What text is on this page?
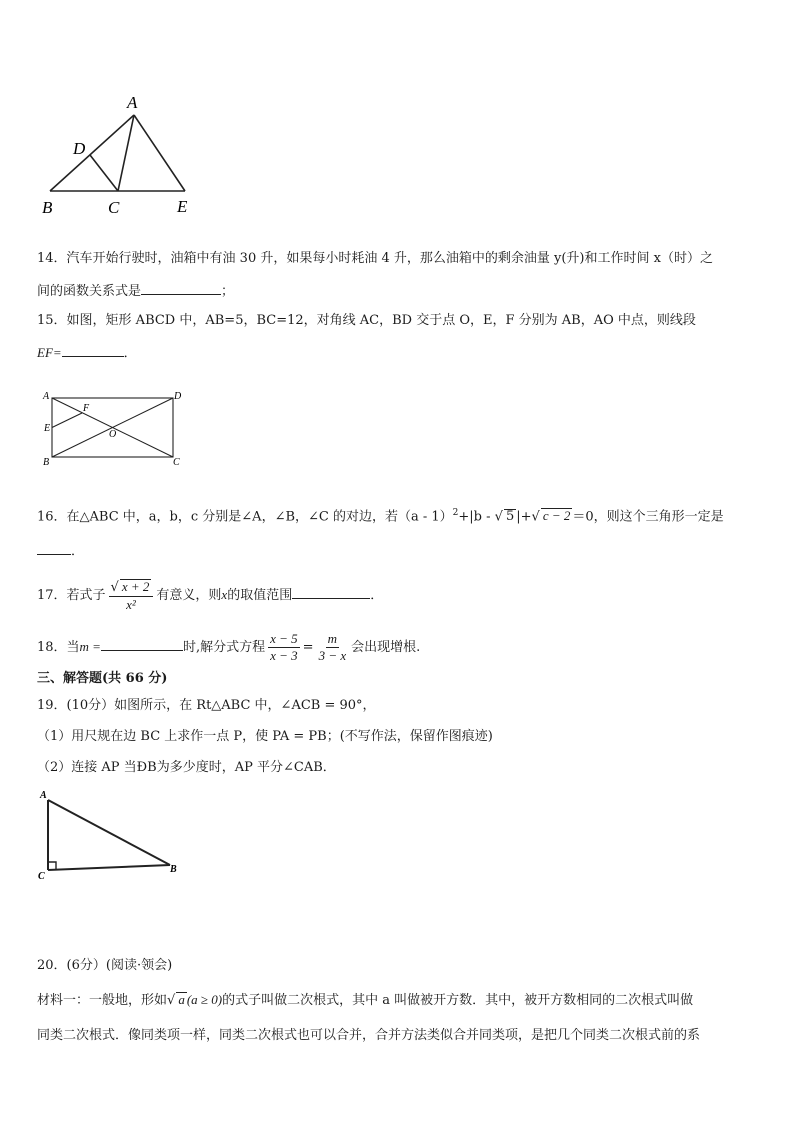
A
D
B	C	E
14．汽车开始行驶时，油箱中有油 30 升，如果每小时耗油 4 升，那么油箱中的剩余油量 y(升)和工作时间 x（时）之
间的函数关系式是	；
15．如图，矩形 ABCD 中，AB=5，BC=12，对角线 AC，BD 交于点 O，E，F 分别为 AB，AO 中点，则线段
EF=	．
A	D
E
F
O
B	C
16．在△ABC 中，a，b，c 分别是∠A，∠B，∠C 的对边，若（a - 1）$^2$+|b - √ 5 |+√ c − 2 ＝0，则这个三角形一定是
．
17．若式子 $\frac{√ x + 2}{\text{x²}}$ 有意义，则x的取值范围	．
18．当m =	时,解分式方程 $\frac{x - 5}{x - 3} = \frac{m}{3 - x}$ 会出现增根.
三、解答题(共 66 分)
19．(10分）如图所示，在 Rt△ABC 中，∠ACB = 90°，
（1）用尺规在边 BC 上求作一点 P，使 PA = PB；(不写作法，保留作图痕迹)
（2）连接 AP 当ÐB为多少度时，AP 平分∠CAB．
A
C
B
20．(6分）(阅读·领会)
材料一：一般地，形如√ a (a ≥ 0)的式子叫做二次根式，其中 a 叫做被开方数．其中，被开方数相同的二次根式叫做
同类二次根式．像同类项一样，同类二次根式也可以合并，合并方法类似合并同类项，是把几个同类二次根式前的系
